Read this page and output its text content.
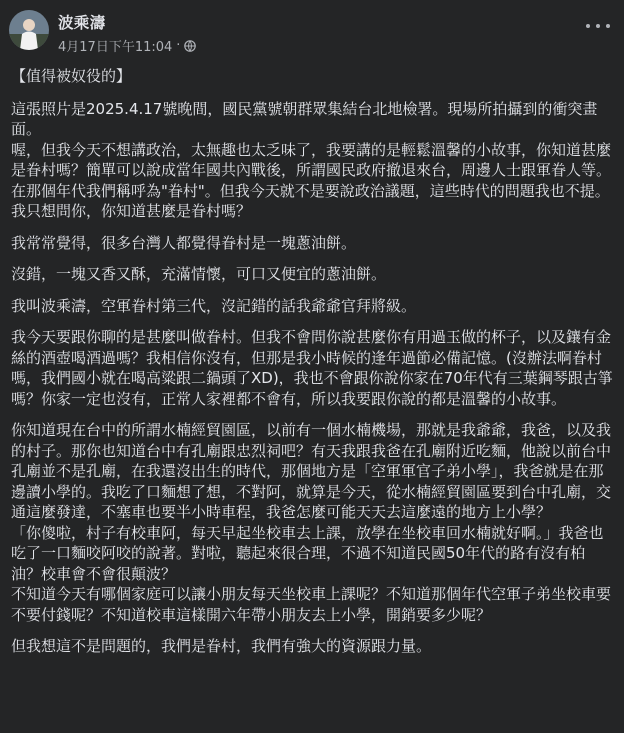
波乘濤
4月17日下午11:04 ·

【值得被奴役的】

這張照片是2025.4.17號晚間，國民黨號朝群眾集結台北地檢署。現場所拍攝到的衝突畫面。
喔，但我今天不想講政治，太無趣也太乏味了，我要講的是輕鬆溫馨的小故事，你知道甚麼是眷村嗎？簡單可以說成當年國共內戰後，所謂國民政府撤退來台，周邊人士跟軍眷人等。在那個年代我們稱呼為"眷村"。但我今天就不是要說政治議題，這些時代的問題我也不提。我只想問你，你知道甚麼是眷村嗎？

我常常覺得，很多台灣人都覺得眷村是一塊蔥油餅。

沒錯，一塊又香又酥，充滿情懷，可口又便宜的蔥油餅。

我叫波乘濤，空軍眷村第三代，沒記錯的話我爺爺官拜將級。

我今天要跟你聊的是甚麼叫做眷村。但我不會問你說甚麼你有用過玉做的杯子，以及鑲有金絲的酒壺喝酒過嗎？我相信你沒有，但那是我小時候的逢年過節必備記憶。(沒辦法啊眷村嗎，我們國小就在喝高粱跟二鍋頭了XD)，我也不會跟你說你家在70年代有三葉鋼琴跟古箏嗎？你家一定也沒有，正常人家裡都不會有，所以我要跟你說的都是溫馨的小故事。

你知道現在台中的所謂水楠經貿園區，以前有一個水楠機場，那就是我爺爺，我爸，以及我的村子。那你也知道台中有孔廟跟忠烈祠吧？有天我跟我爸在孔廟附近吃麵，他說以前台中孔廟並不是孔廟，在我還沒出生的時代，那個地方是「空軍軍官子弟小學」，我爸就是在那邊讀小學的。我吃了口麵想了想，不對阿，就算是今天，從水楠經貿園區要到台中孔廟，交通這麼發達，不塞車也要半小時車程，我爸怎麼可能天天去這麼遠的地方上小學？
「你傻啦，村子有校車阿，每天早起坐校車去上課，放學在坐校車回水楠就好啊。」我爸也吃了一口麵咬阿咬的說著。對啦，聽起來很合理，不過不知道民國50年代的路有沒有柏油？校車會不會很顛波？
不知道今天有哪個家庭可以讓小朋友每天坐校車上課呢？不知道那個年代空軍子弟坐校車要不要付錢呢？不知道校車這樣開六年帶小朋友去上小學，開銷要多少呢？

但我想這不是問題的，我們是眷村，我們有強大的資源跟力量。
